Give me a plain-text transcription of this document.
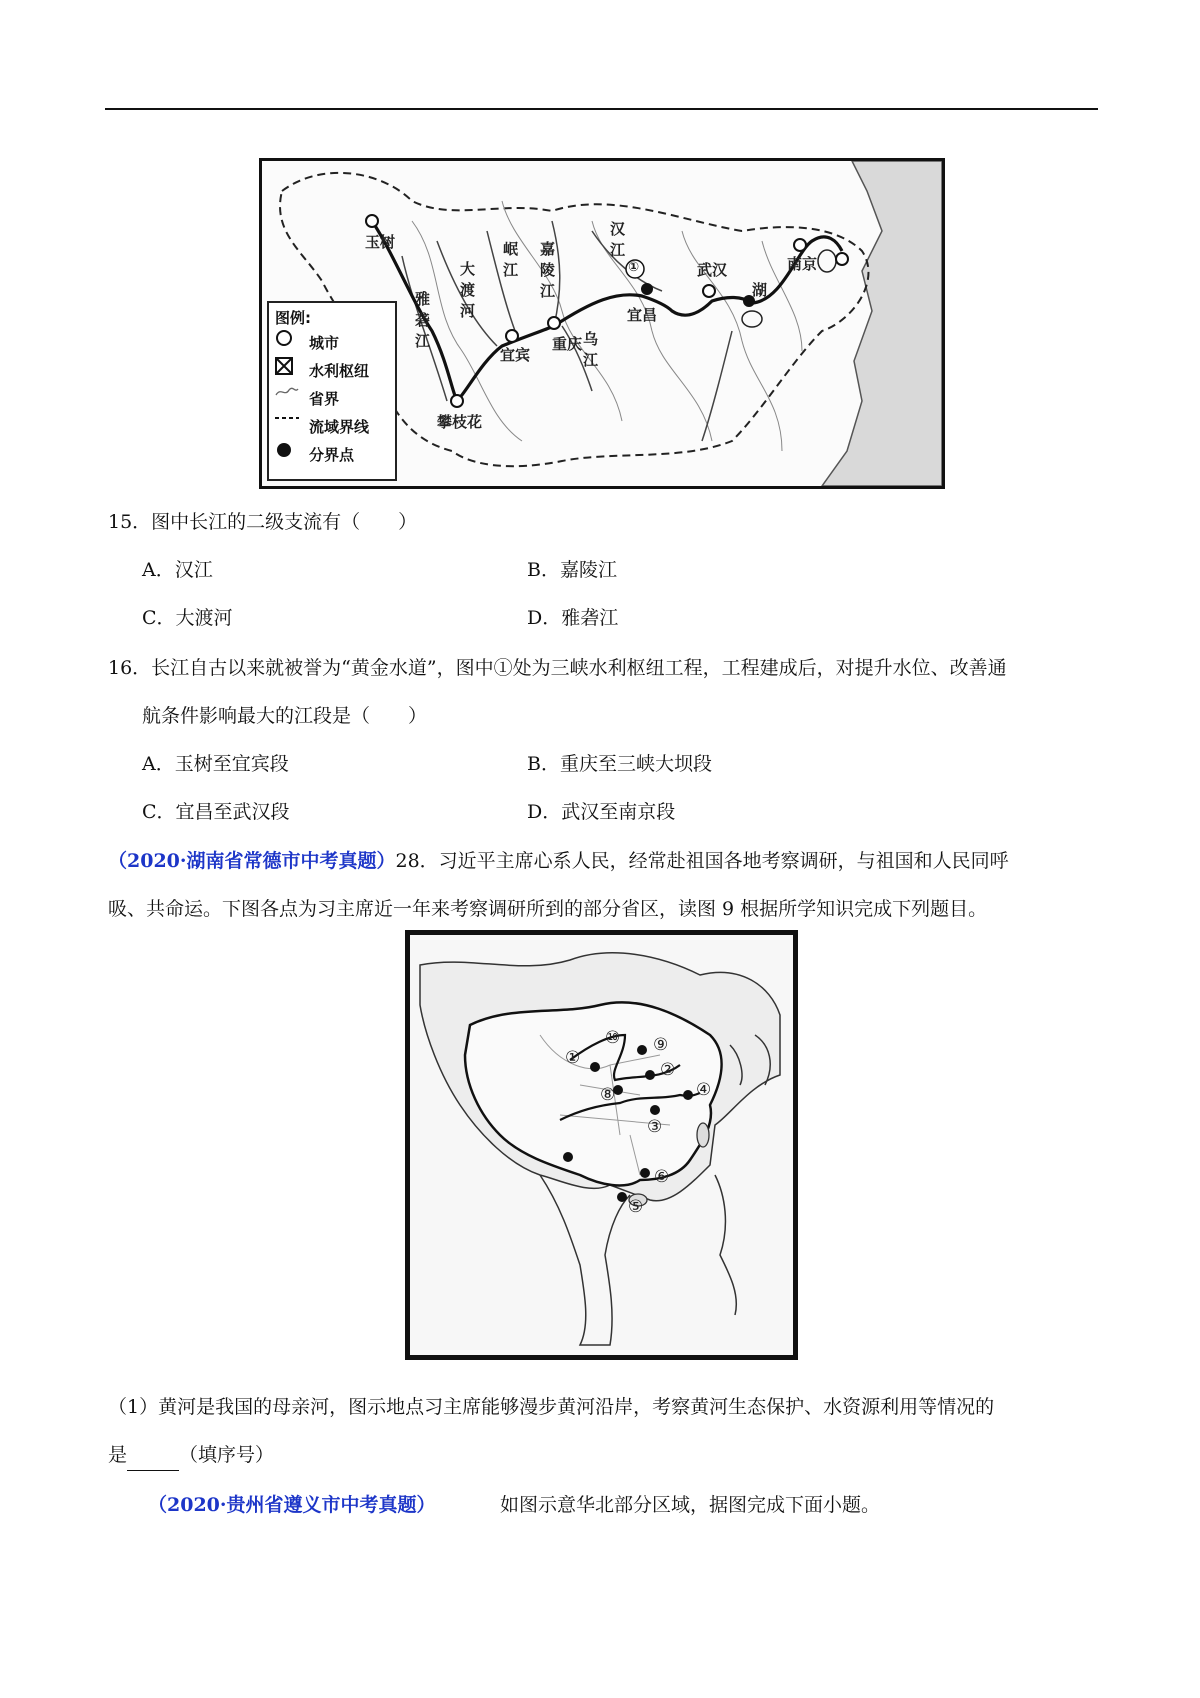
玉树
雅砻江 大渡河 岷江 嘉陵江	汉江
乌江
宜宾
重庆
宜昌
武汉
湖
南京
攀枝花
①
图例:
城市
水利枢纽
省界
流域界线
分界点
15．图中长江的二级支流有（　　）
A．汉江	B．嘉陵江
C．大渡河	D．雅砻江
16．长江自古以来就被誉为“黄金水道”，图中①处为三峡水利枢纽工程，工程建成后，对提升水位、改善通
航条件影响最大的江段是（　　）
A．玉树至宜宾段	B．重庆至三峡大坝段
C．宜昌至武汉段	D．武汉至南京段
（2020·湖南省常德市中考真题）28．习近平主席心系人民，经常赴祖国各地考察调研，与祖国和人民同呼
吸、共命运。下图各点为习主席近一年来考察调研所到的部分省区，读图 9 根据所学知识完成下列题目。
①
⑩ ⑨
②
⑧	④
③
⑥
⑤
（1）黄河是我国的母亲河，图示地点习主席能够漫步黄河沿岸，考察黄河生态保护、水资源利用等情况的
是	（填序号）
（2020·贵州省遵义市中考真题）	如图示意华北部分区域，据图完成下面小题。
